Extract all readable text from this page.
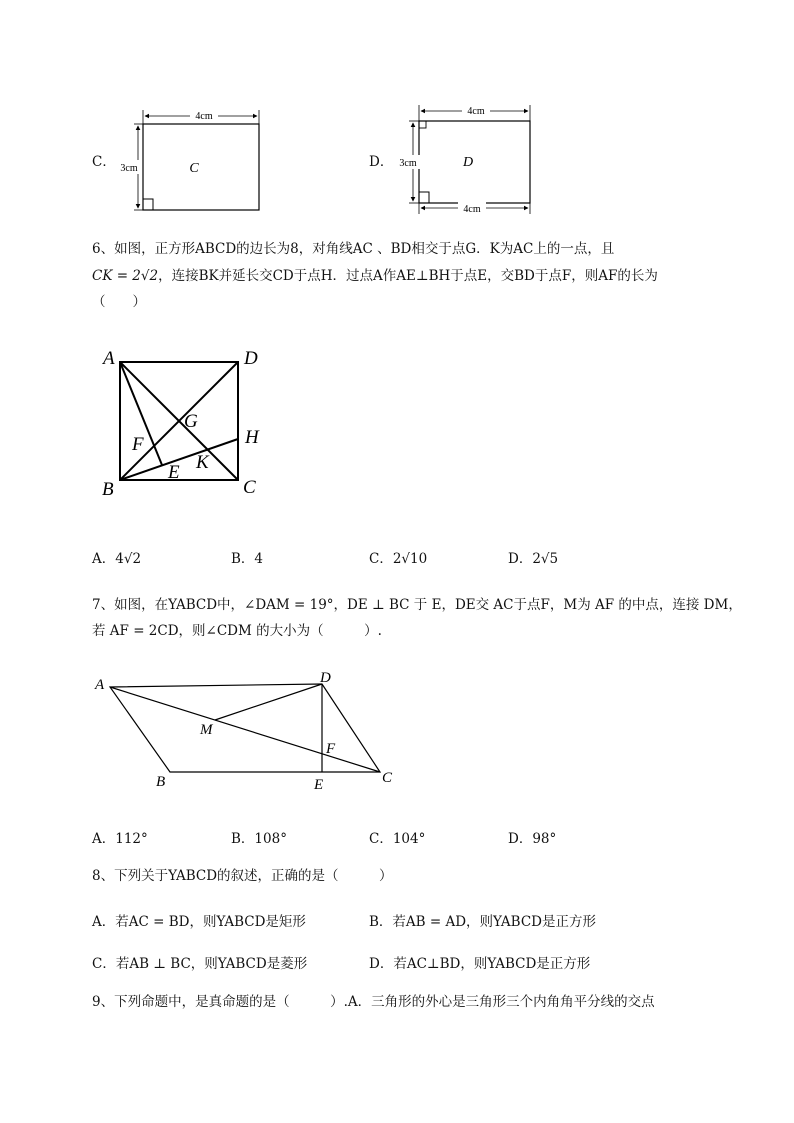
C．
4cm
3cm	C	D．
4cm
4cm
3cm	D
6、如图，正方形ABCD的边长为8，对角线AC 、BD相交于点G．K为AC上的一点，且
CK = 2√2，连接BK并延长交CD于点H．过点A作AE⊥BH于点E，交BD于点F，则AF的长为
（　　）
A	D
B	C
G
H
F
E K
A．4√2	B．4	C．2√10	D．2√5
7、如图，在YABCD中，∠DAM = 19°，DE ⊥ BC 于 E，DE交 AC于点F，M为 AF 的中点，连接 DM，
若 AF = 2CD，则∠CDM 的大小为（　　　）.
A	D
B	C
M
F
E
A．112°	B．108°	C．104°	D．98°
8、下列关于YABCD的叙述，正确的是（　　　）
A．若AC = BD，则YABCD是矩形	B．若AB = AD，则YABCD是正方形
C．若AB ⊥ BC，则YABCD是菱形	D．若AC⊥BD，则YABCD是正方形
9、下列命题中，是真命题的是（　　　）.A．三角形的外心是三角形三个内角角平分线的交点
